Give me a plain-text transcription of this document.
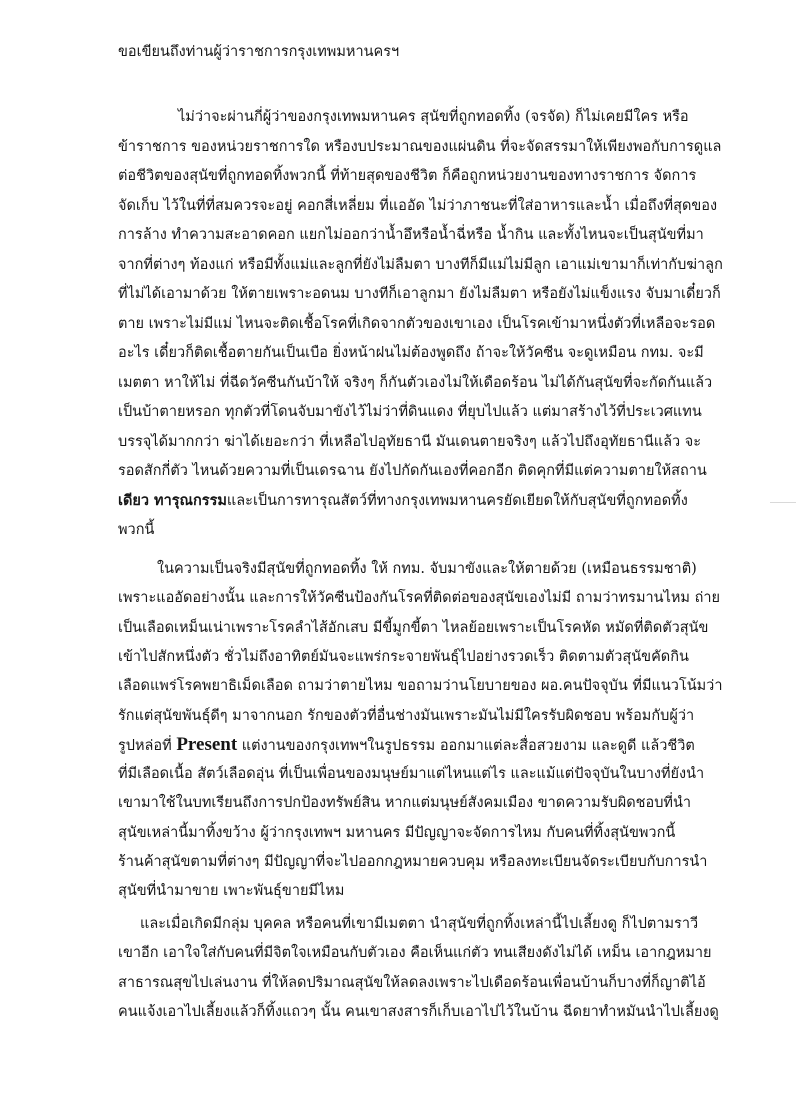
ขอเขียนถึงท่านผู้ว่าราชการกรุงเทพมหานครฯ
ไม่ว่าจะผ่านกี่ผู้ว่าของกรุงเทพมหานคร สุนัขที่ถูกทอดทิ้ง (จรจัด) ก็ไม่เคยมีใคร หรือ
ข้าราชการ ของหน่วยราชการใด หรืองบประมาณของแผ่นดิน ที่จะจัดสรรมาให้เพียงพอกับการดูแล
ต่อชีวิตของสุนัขที่ถูกทอดทิ้งพวกนี้ ที่ท้ายสุดของชีวิต ก็คือถูกหน่วยงานของทางราชการ จัดการ
จัดเก็บ ไว้ในที่ที่สมควรจะอยู่ คอกสี่เหลี่ยม ที่แออัด ไม่ว่าภาชนะที่ใส่อาหารและน้ำ เมื่อถึงที่สุดของ
การล้าง ทำความสะอาดคอก แยกไม่ออกว่าน้ำอึหรือน้ำฉี่หรือ น้ำกิน และทั้งไหนจะเป็นสุนัขที่มา
จากที่ต่างๆ ท้องแก่ หรือมีทั้งแม่และลูกที่ยังไม่ลืมตา บางทีก็มีแม่ไม่มีลูก เอาแม่เขามาก็เท่ากับฆ่าลูก
ที่ไม่ได้เอามาด้วย ให้ตายเพราะอดนม บางทีก็เอาลูกมา ยังไม่ลืมตา หรือยังไม่แข็งแรง จับมาเดี๋ยวก็
ตาย เพราะไม่มีแม่ ไหนจะติดเชื้อโรคที่เกิดจากตัวของเขาเอง เป็นโรคเข้ามาหนึ่งตัวที่เหลือจะรอด
อะไร เดี๋ยวก็ติดเชื้อตายกันเป็นเบือ ยิ่งหน้าฝนไม่ต้องพูดถึง ถ้าจะให้วัคซีน จะดูเหมือน กทม. จะมี
เมตตา หาให้ไม่ ที่ฉีดวัคซีนกันบ้าให้ จริงๆ ก็กันตัวเองไม่ให้เดือดร้อน ไม่ได้กันสุนัขที่จะกัดกันแล้ว
เป็นบ้าตายหรอก ทุกตัวที่โดนจับมาขังไว้ไม่ว่าที่ดินแดง ที่ยุบไปแล้ว แต่มาสร้างไว้ที่ประเวศแทน
บรรจุได้มากกว่า ฆ่าได้เยอะกว่า ที่เหลือไปอุทัยธานี มันเดนตายจริงๆ แล้วไปถึงอุทัยธานีแล้ว จะ
รอดสักกี่ตัว ไหนด้วยความที่เป็นเดรฉาน ยังไปกัดกันเองที่คอกอีก ติดคุกที่มีแต่ความตายให้สถาน
เดียว ทารุณกรรมและเป็นการทารุณสัตว์ที่ทางกรุงเทพมหานครยัดเยียดให้กับสุนัขที่ถูกทอดทิ้ง
พวกนี้
ในความเป็นจริงมีสุนัขที่ถูกทอดทิ้ง ให้ กทม. จับมาขังและให้ตายด้วย (เหมือนธรรมชาติ)
เพราะแออัดอย่างนั้น และการให้วัคซีนป้องกันโรคที่ติดต่อของสุนัขเองไม่มี ถามว่าทรมานไหม ถ่าย
เป็นเลือดเหม็นเน่าเพราะโรคลำไส้อักเสบ มีขี้มูกขี้ตา ไหลย้อยเพราะเป็นโรคหัด หมัดที่ติดตัวสุนัข
เข้าไปสักหนึ่งตัว ชั่วไม่ถึงอาทิตย์มันจะแพร่กระจายพันธุ์ไปอย่างรวดเร็ว ติดตามตัวสุนัขคัดกิน
เลือดแพร่โรคพยาธิเม็ดเลือด ถามว่าตายไหม ขอถามว่านโยบายของ ผอ.คนปัจจุบัน ที่มีแนวโน้มว่า
รักแต่สุนัขพันธุ์ดีๆ มาจากนอก รักของตัวที่อื่นช่างมันเพราะมันไม่มีใครรับผิดชอบ พร้อมกับผู้ว่า
รูปหล่อที่ Present แต่งานของกรุงเทพฯในรูปธรรม ออกมาแต่ละสื่อสวยงาม และดูดี แล้วชีวิต
ที่มีเลือดเนื้อ สัตว์เลือดอุ่น ที่เป็นเพื่อนของมนุษย์มาแต่ไหนแต่ไร และแม้แต่ปัจจุบันในบางที่ยังนำ
เขามาใช้ในบทเรียนถึงการปกป้องทรัพย์สิน หากแต่มนุษย์สังคมเมือง ขาดความรับผิดชอบที่นำ
สุนัขเหล่านี้มาทิ้งขว้าง ผู้ว่ากรุงเทพฯ มหานคร มีปัญญาจะจัดการไหม กับคนที่ทิ้งสุนัขพวกนี้
ร้านค้าสุนัขตามที่ต่างๆ มีปัญญาที่จะไปออกกฎหมายควบคุม หรือลงทะเบียนจัดระเบียบกับการนำ
สุนัขที่นำมาขาย เพาะพันธุ์ขายมีไหม
และเมื่อเกิดมีกลุ่ม บุคคล หรือคนที่เขามีเมตตา นำสุนัขที่ถูกทิ้งเหล่านี้ไปเลี้ยงดู ก็ไปตามราวี
เขาอีก เอาใจใส่กับคนที่มีจิตใจเหมือนกับตัวเอง คือเห็นแก่ตัว ทนเสียงดังไม่ได้ เหม็น เอากฎหมาย
สาธารณสุขไปเล่นงาน ที่ให้ลดปริมาณสุนัขให้ลดลงเพราะไปเดือดร้อนเพื่อนบ้านก็บางที่ก็ญาติไอ้
คนแจ้งเอาไปเลี้ยงแล้วก็ทิ้งแถวๆ นั้น คนเขาสงสารก็เก็บเอาไปไว้ในบ้าน ฉีดยาทำหมันนำไปเลี้ยงดู
